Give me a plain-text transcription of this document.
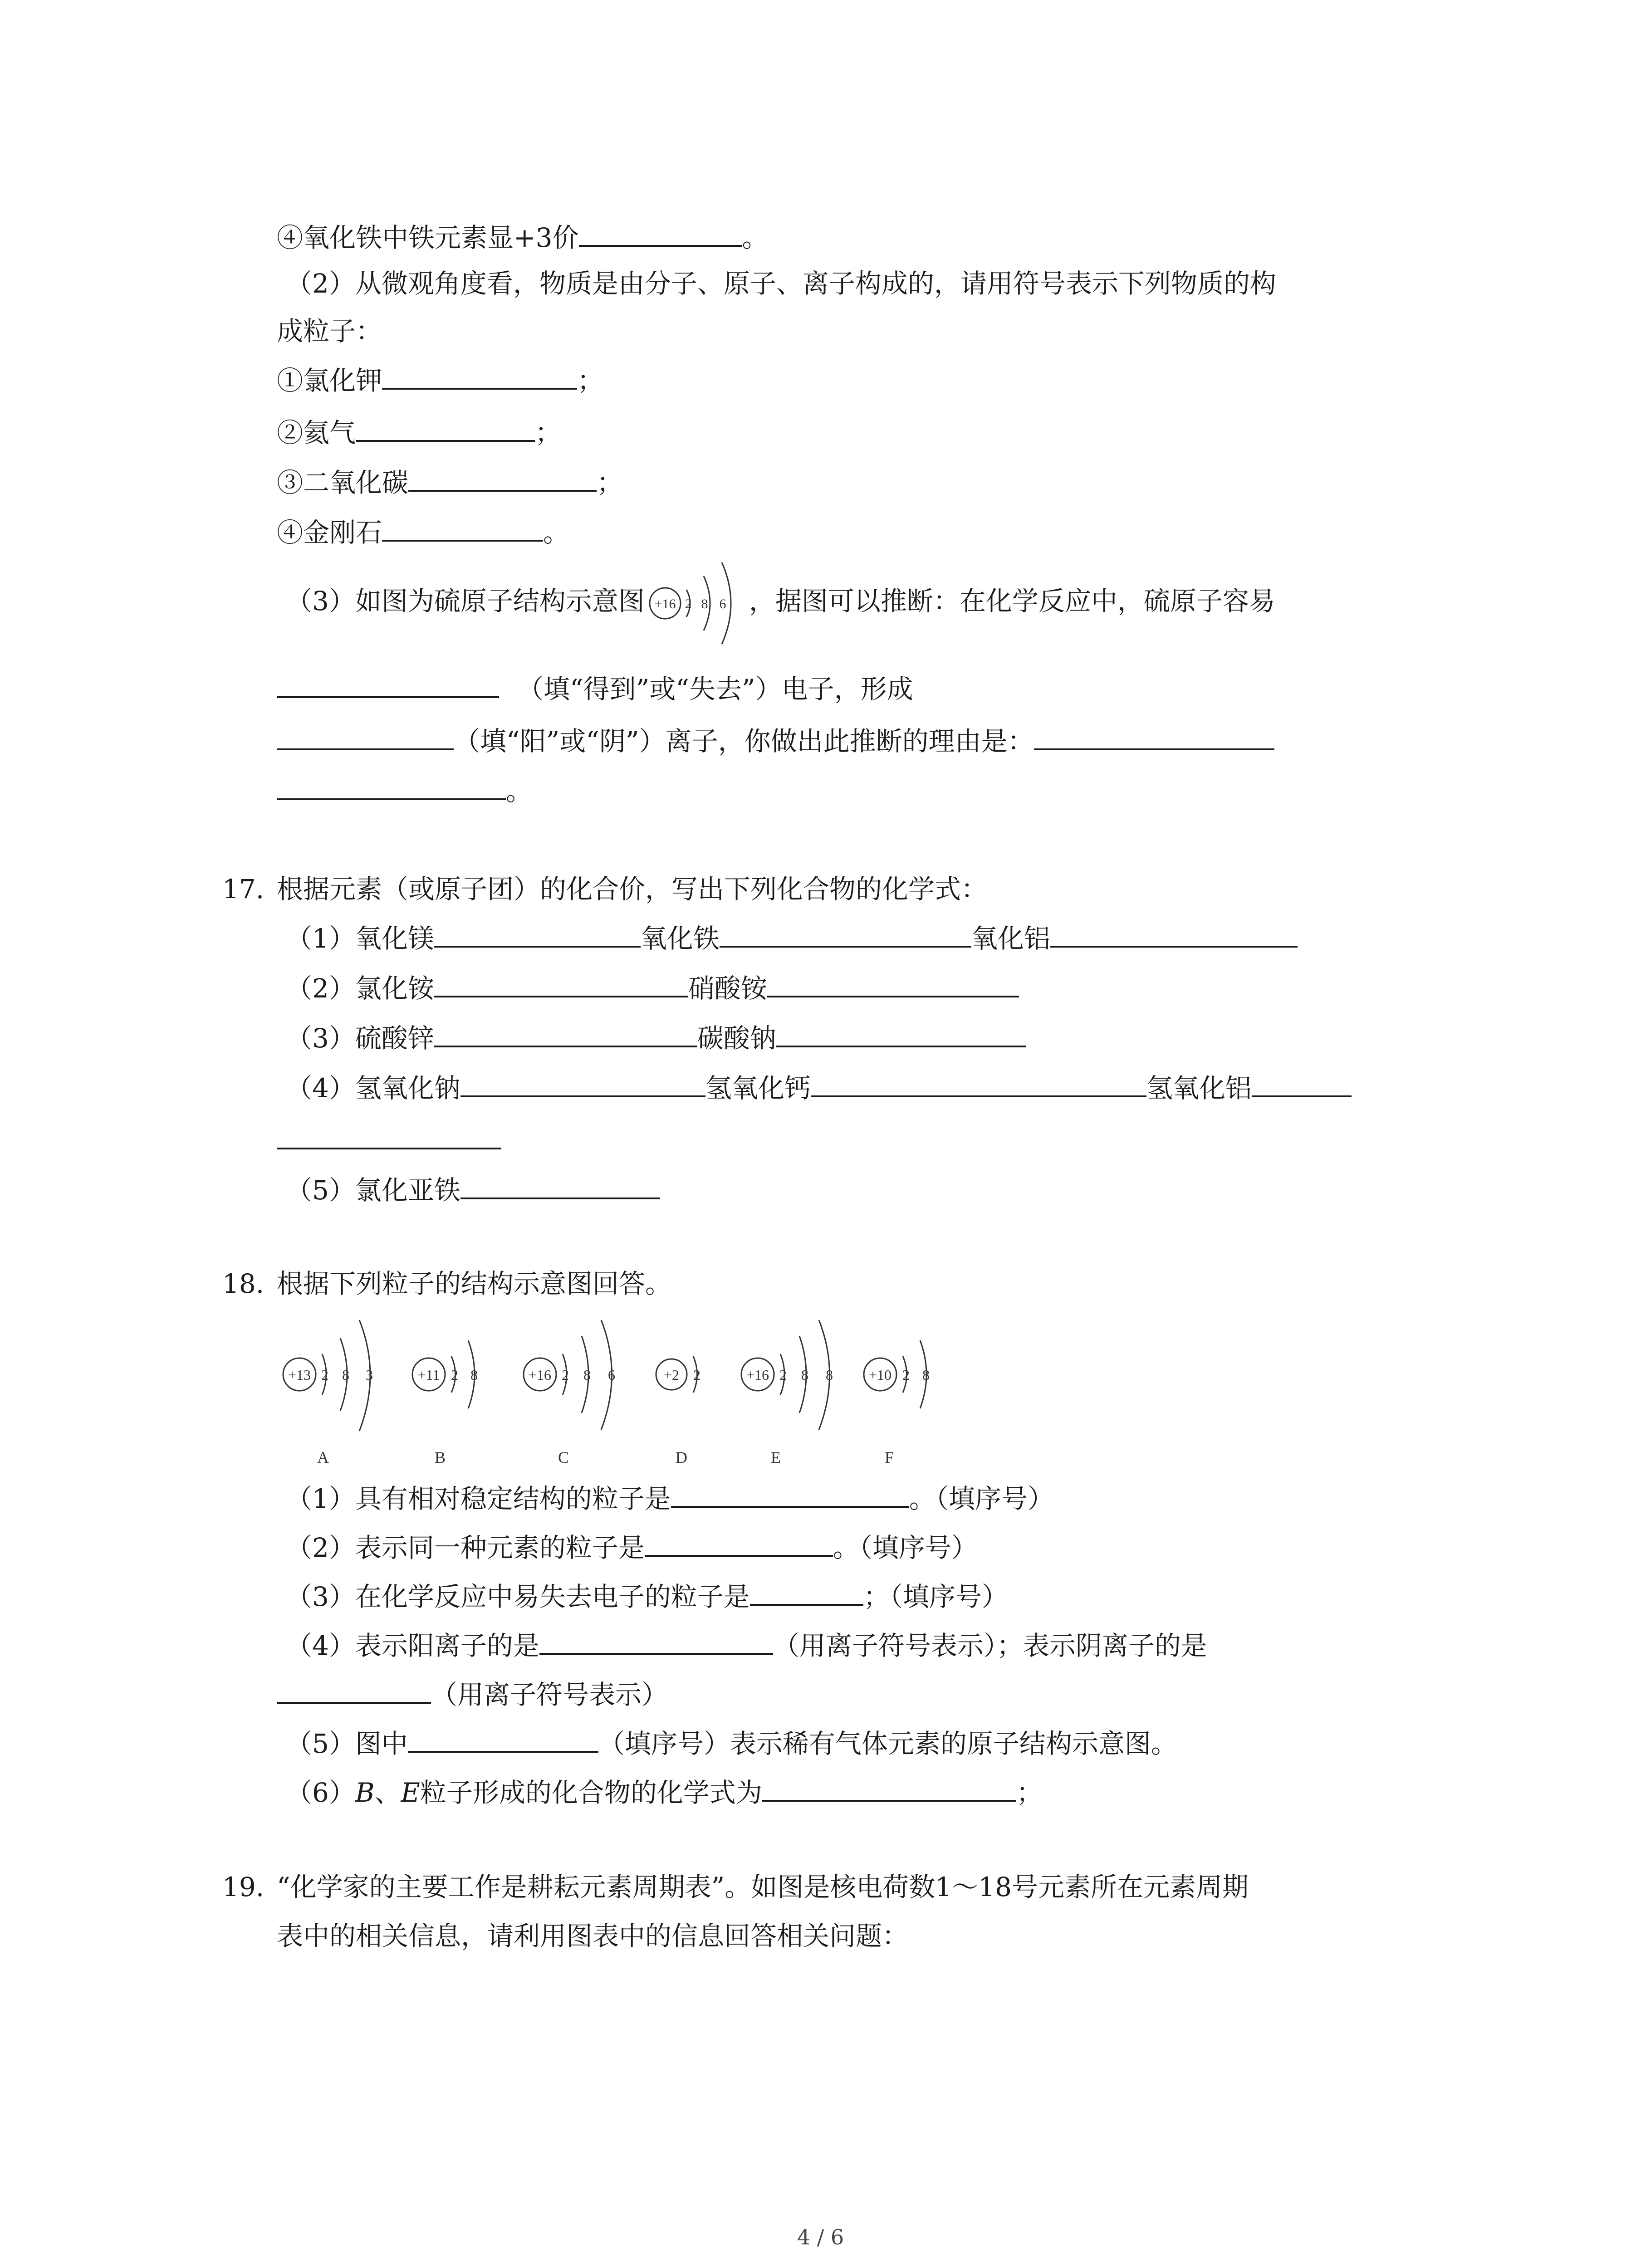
④氧化铁中铁元素显+3价	。
（2）从微观角度看，物质是由分子、原子、离子构成的，请用符号表示下列物质的构
成粒子：
①氯化钾	；
②氦气	；
③二氧化碳	；
④金刚石	。
（3）如图为硫原子结构示意图 +16 2 8 6 ，据图可以推断：在化学反应中，硫原子容易
（填“得到”或“失去”）电子，形成
（填“阳”或“阴”）离子，你做出此推断的理由是：
。
17. 根据元素（或原子团）的化合价，写出下列化合物的化学式：
（1）氧化镁	氧化铁	氧化铝
（2）氯化铵	硝酸铵
（3）硫酸锌	碳酸钠
（4）氢氧化钠	氢氧化钙	氢氧化铝
（5）氯化亚铁
18. 根据下列粒子的结构示意图回答。
+13 2 8 3	+11 2 8	+16 2 8 6	+2 2	+16 2 8 8 +10 2 8
A	B	C	D	E	F
（1）具有相对稳定结构的粒子是	。（填序号）
（2）表示同一种元素的粒子是	。（填序号）
（3）在化学反应中易失去电子的粒子是	；（填序号）
（4）表示阳离子的是	（用离子符号表示）；表示阴离子的是
（用离子符号表示）
（5）图中	（填序号）表示稀有气体元素的原子结构示意图。
（6）B、E粒子形成的化合物的化学式为	；
19. “化学家的主要工作是耕耘元素周期表”。如图是核电荷数1～18号元素所在元素周期
表中的相关信息，请利用图表中的信息回答相关问题：
4 / 6
